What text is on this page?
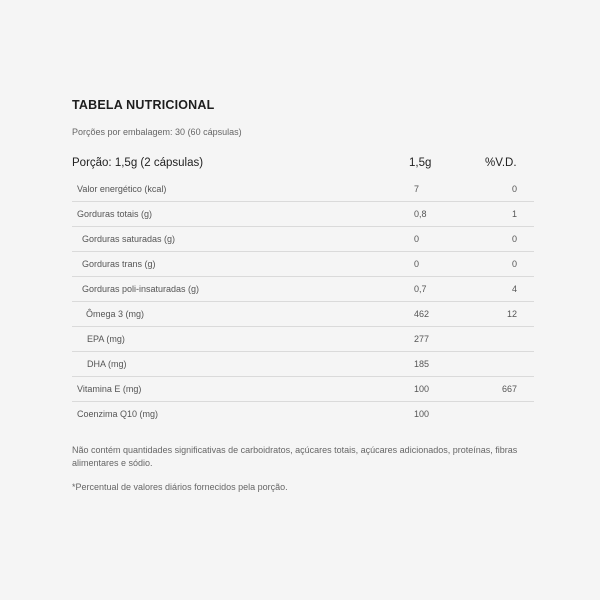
TABELA NUTRICIONAL
Porções por embalagem: 30 (60 cápsulas)
Porção: 1,5g (2 cápsulas)	1,5g	%V.D.
Valor energético (kcal)	7	0
Gorduras totais (g)	0,8	1
Gorduras saturadas (g)	0	0
Gorduras trans (g)	0	0
Gorduras poli-insaturadas (g)	0,7	4
Ômega 3 (mg)	462	12
EPA (mg)	277
DHA (mg)	185
Vitamina E (mg)	100	667
Coenzima Q10 (mg)	100
Não contém quantidades significativas de carboidratos, açúcares totais, açúcares adicionados, proteínas, fibras alimentares e sódio.
*Percentual de valores diários fornecidos pela porção.
